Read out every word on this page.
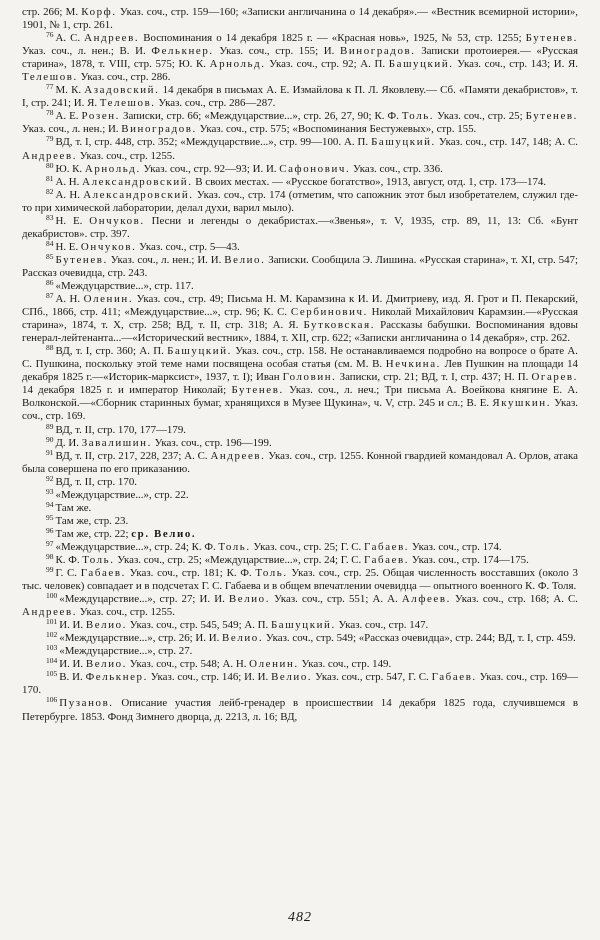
стр. 266; М. Корф. Указ. соч., стр. 159—160; «Записки англичанина о 14 декабря».— «Вестник всемирной истории», 1901, № 1, стр. 261.

$^{76}$ А. С. Андреев. Воспоминания о 14 декабря 1825 г. — «Красная новь», 1925, № 53, стр. 1255; Бутенев. Указ. соч., л. нен.; В. И. Фелькнер. Указ. соч., стр. 155; И. Виноградов. Записки протоиерея.— «Русская старина», 1878, т. VIII, стр. 575; Ю. К. Арнольд. Указ. соч., стр. 92; А. П. Башуцкий. Указ. соч., стр. 143; И. Я. Телешов. Указ. соч., стр. 286.

$^{77}$ М. К. Азадовский. 14 декабря в письмах А. Е. Измайлова к П. Л. Яковлеву.— Сб. «Памяти декабристов», т. I, стр. 241; И. Я. Телешов. Указ. соч., стр. 286—287.

$^{78}$ А. Е. Розен. Записки, стр. 66; «Междуцарствие...», стр. 26, 27, 90; К. Ф. Толь. Указ. соч., стр. 25; Бутенев. Указ. соч., л. нен.; И. Виноградов. Указ. соч., стр. 575; «Воспоминания Бестужевых», стр. 155.

$^{79}$ ВД, т. I, стр. 448, стр. 352; «Междуцарствие...», стр. 99—100. А. П. Башуцкий. Указ. соч., стр. 147, 148; А. С. Андреев. Указ. соч., стр. 1255.

$^{80}$ Ю. К. Арнольд. Указ. соч., стр. 92—93; И. И. Сафонович. Указ. соч., стр. 336.

$^{81}$ А. Н. Александровский. В своих местах. — «Русское богатство», 1913, август, отд. 1, стр. 173—174.

$^{82}$ А. Н. Александровский. Указ. соч., стр. 174 (отметим, что сапожник этот был изобретателем, служил где-то при химической лаборатории, делал духи, варил мыло).

$^{83}$ Н. Е. Ончуков. Песни и легенды о декабристах.—«Звенья», т. V, 1935, стр. 89, 11, 13: Сб. «Бунт декабристов». стр. 397.

$^{84}$ Н. Е. Ончуков. Указ. соч., стр. 5—43.

$^{85}$ Бутенев. Указ. соч., л. нен.; И. И. Велио. Записки. Сообщила Э. Лишина. «Русская старина», т. XI, стр. 547; Рассказ очевидца, стр. 243.

$^{86}$ «Междуцарствие...», стр. 117.

$^{87}$ А. Н. Оленин. Указ. соч., стр. 49; Письма Н. М. Карамзина к И. И. Дмитриеву, изд. Я. Грот и П. Пекарский, СПб., 1866, стр. 411; «Междуцарствие...», стр. 96; К. С. Сербинович. Николай Михайлович Карамзин.—«Русская старина», 1874, т. X, стр. 258; ВД, т. II, стр. 318; А. Я. Бутковская. Рассказы бабушки. Воспоминания вдовы генерал-лейтенанта...—«Исторический вестник», 1884, т. XII, стр. 622; «Записки англичанина о 14 декабря», стр. 262.

$^{88}$ ВД, т. I, стр. 360; А. П. Башуцкий. Указ. соч., стр. 158. Не останавливаемся подробно на вопросе о брате А. С. Пушкина, поскольку этой теме нами посвящена особая статья (см. М. В. Нечкина. Лев Пушкин на площади 14 декабря 1825 г.—«Историк-марксист», 1937, т. I); Иван Головин. Записки, стр. 21; ВД, т. I, стр. 437; Н. П. Огарев. 14 декабря 1825 г. и император Николай; Бутенев. Указ. соч., л. неч.; Три письма А. Воейкова княгине Е. А. Волконской.—«Сборник старинных бумаг, хранящихся в Музее Щукина», ч. V, стр. 245 и сл.; В. Е. Якушкин. Указ. соч., стр. 169.

$^{89}$ ВД, т. II, стр. 170, 177—179.

$^{90}$ Д. И. Завалишин. Указ. соч., стр. 196—199.

$^{91}$ ВД, т. II, стр. 217, 228, 237; А. С. Андреев. Указ. соч., стр. 1255. Конной гвардией командовал А. Орлов, атака была совершена по его приказанию.

$^{92}$ ВД, т. II, стр. 170.

$^{93}$ «Междуцарствие...», стр. 22.

$^{94}$ Там же.

$^{95}$ Там же, стр. 23.

$^{96}$ Там же, стр. 22; ср. Велио.

$^{97}$ «Междуцарствие...», стр. 24; К. Ф. Толь. Указ. соч., стр. 25; Г. С. Габаев. Указ. соч., стр. 174.

$^{98}$ К. Ф. Толь. Указ. соч., стр. 25; «Междуцарствие...», стр. 24; Г. С. Габаев. Указ. соч., стр. 174—175.

$^{99}$ Г. С. Габаев. Указ. соч., стр. 181; К. Ф. Толь. Указ. соч., стр. 25. Общая численность восставших (около 3 тыс. человек) совпадает и в подсчетах Г. С. Габаева и в общем впечатлении очевидца — опытного военного К. Ф. Толя.

$^{100}$ «Междуцарствие...», стр. 27; И. И. Велио. Указ. соч., стр. 551; А. А. Алфеев. Указ. соч., стр. 168; А. С. Андреев. Указ. соч., стр. 1255.

$^{101}$ И. И. Велио. Указ. соч., стр. 545, 549; А. П. Башуцкий. Указ. соч., стр. 147.

$^{102}$ «Междуцарствие...», стр. 26; И. И. Велио. Указ. соч., стр. 549; «Рассказ очевидца», стр. 244; ВД, т. I, стр. 459.

$^{103}$ «Междуцарствие...», стр. 27.

$^{104}$ И. И. Велио. Указ. соч., стр. 548; А. Н. Оленин. Указ. соч., стр. 149.

$^{105}$ В. И. Фелькнер. Указ. соч., стр. 146; И. И. Велио. Указ. соч., стр. 547, Г. С. Габаев. Указ. соч., стр. 169—170.

$^{106}$ Пузанов. Описание участия лейб-гренадер в происшествии 14 декабря 1825 года, случившемся в Петербурге. 1853. Фонд Зимнего дворца, д. 2213, л. 16; ВД,

482
